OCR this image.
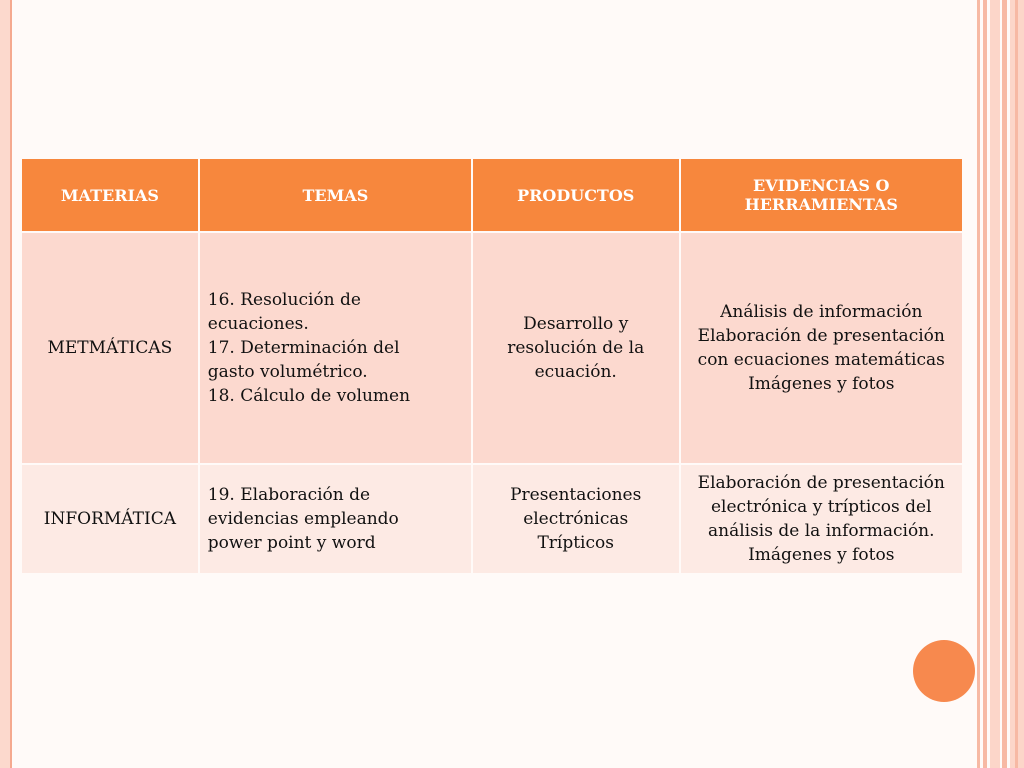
MATERIAS	TEMAS	PRODUCTOS	EVIDENCIAS O HERRAMIENTAS
METMÁTICAS	16. Resolución de
ecuaciones.
17. Determinación del
gasto volumétrico.
18. Cálculo de volumen	Desarrollo y
resolución de la
ecuación.	Análisis de información
Elaboración de presentación
con ecuaciones matemáticas
Imágenes y fotos

INFORMÁTICA	19. Elaboración de
evidencias empleando
power point y word	Presentaciones
electrónicas
Trípticos	Elaboración de presentación
electrónica y trípticos del
análisis de la información.
Imágenes y fotos
